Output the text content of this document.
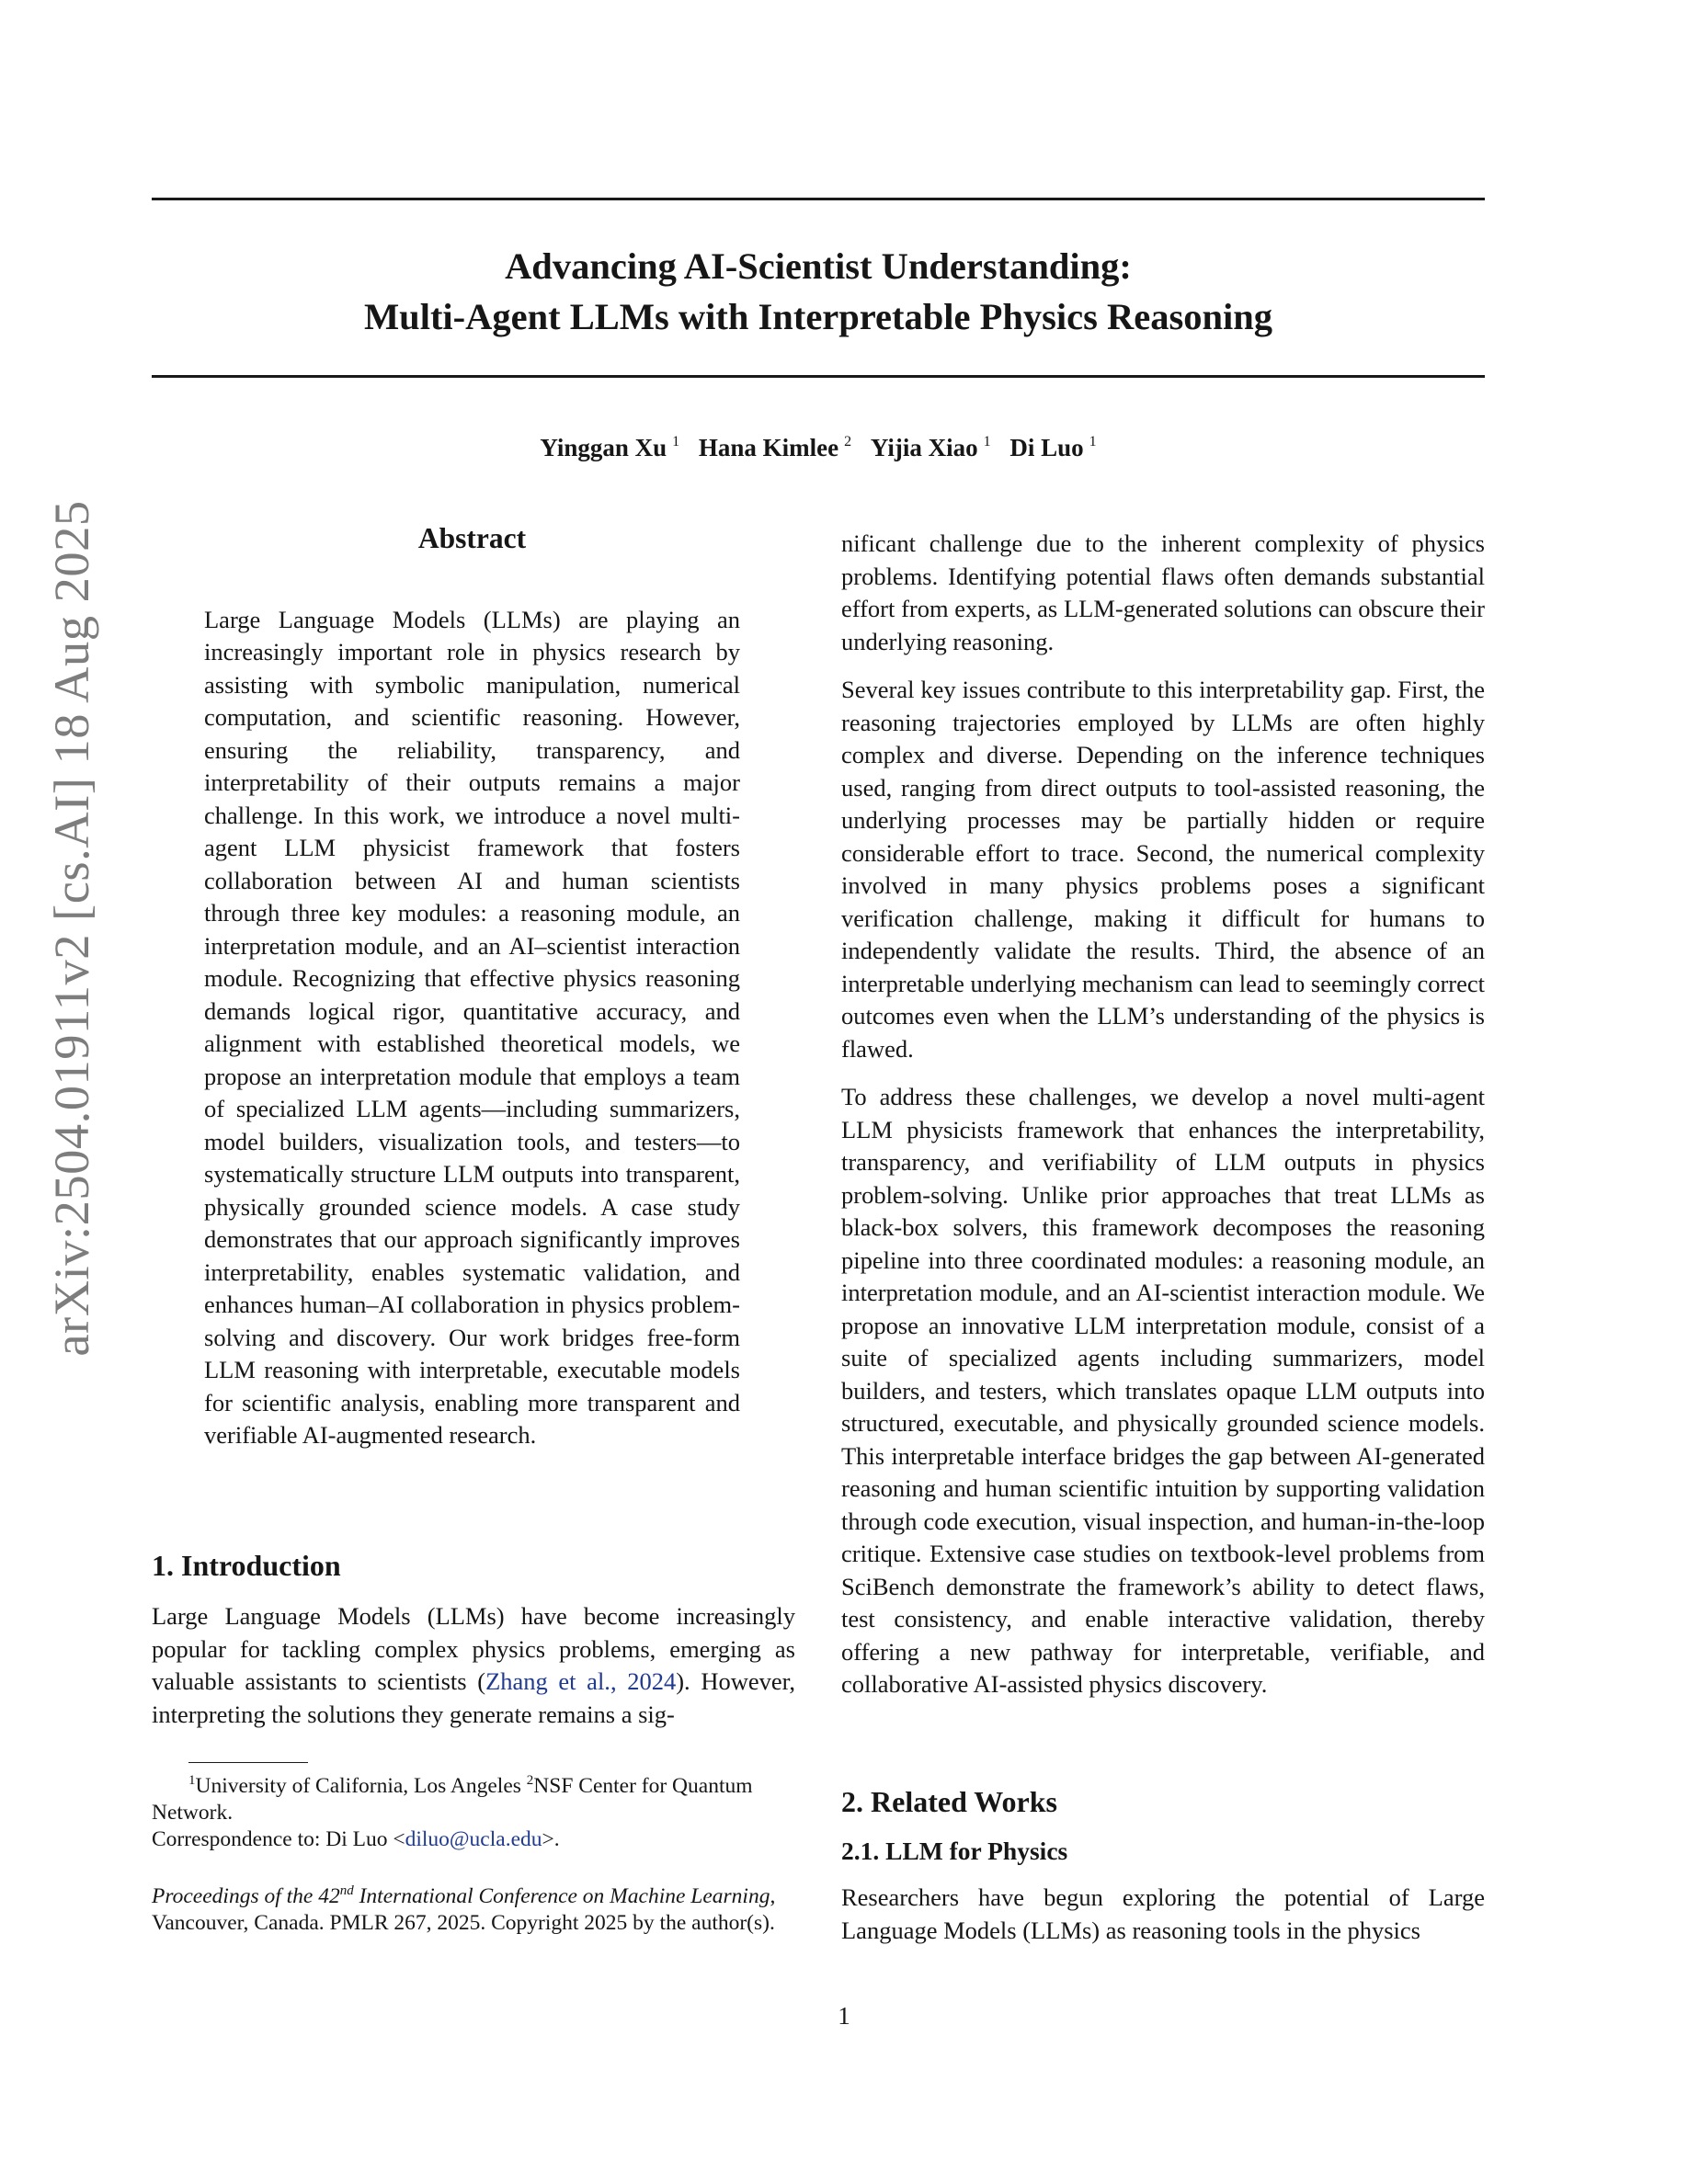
arXiv:2504.01911v2 [cs.AI] 18 Aug 2025
Advancing AI-Scientist Understanding:
Multi-Agent LLMs with Interpretable Physics Reasoning
Yinggan Xu $^1$ Hana Kimlee $^2$ Yijia Xiao $^1$ Di Luo $^1$
Abstract

Large Language Models (LLMs) are playing an increasingly important role in physics research by assisting with symbolic manipulation, numerical computation, and scientific reasoning. However, ensuring the reliability, transparency, and interpretability of their outputs remains a major challenge. In this work, we introduce a novel multi-agent LLM physicist framework that fosters collaboration between AI and human scientists through three key modules: a reasoning module, an interpretation module, and an AI–scientist interaction module. Recognizing that effective physics reasoning demands logical rigor, quantitative accuracy, and alignment with established theoretical models, we propose an interpretation module that employs a team of specialized LLM agents—including summarizers, model builders, visualization tools, and testers—to systematically structure LLM outputs into transparent, physically grounded science models. A case study demonstrates that our approach significantly improves interpretability, enables systematic validation, and enhances human–AI collaboration in physics problem-solving and discovery. Our work bridges free-form LLM reasoning with interpretable, executable models for scientific analysis, enabling more transparent and verifiable AI-augmented research.

1. Introduction

Large Language Models (LLMs) have become increasingly popular for tackling complex physics problems, emerging as valuable assistants to scientists (Zhang et al., 2024). However, interpreting the solutions they generate remains a sig-

$^1$University of California, Los Angeles $^2$NSF Center for Quantum Network.
Correspondence to: Di Luo <diluo@ucla.edu>.
Proceedings of the 42nd International Conference on Machine Learning, Vancouver, Canada. PMLR 267, 2025. Copyright 2025 by the author(s).

nificant challenge due to the inherent complexity of physics problems. Identifying potential flaws often demands substantial effort from experts, as LLM-generated solutions can obscure their underlying reasoning.

Several key issues contribute to this interpretability gap. First, the reasoning trajectories employed by LLMs are often highly complex and diverse. Depending on the inference techniques used, ranging from direct outputs to tool-assisted reasoning, the underlying processes may be partially hidden or require considerable effort to trace. Second, the numerical complexity involved in many physics problems poses a significant verification challenge, making it difficult for humans to independently validate the results. Third, the absence of an interpretable underlying mechanism can lead to seemingly correct outcomes even when the LLM’s understanding of the physics is flawed.

To address these challenges, we develop a novel multi-agent LLM physicists framework that enhances the interpretability, transparency, and verifiability of LLM outputs in physics problem-solving. Unlike prior approaches that treat LLMs as black-box solvers, this framework decomposes the reasoning pipeline into three coordinated modules: a reasoning module, an interpretation module, and an AI-scientist interaction module. We propose an innovative LLM interpretation module, consist of a suite of specialized agents including summarizers, model builders, and testers, which translates opaque LLM outputs into structured, executable, and physically grounded science models. This interpretable interface bridges the gap between AI-generated reasoning and human scientific intuition by supporting validation through code execution, visual inspection, and human-in-the-loop critique. Extensive case studies on textbook-level problems from SciBench demonstrate the framework’s ability to detect flaws, test consistency, and enable interactive validation, thereby offering a new pathway for interpretable, verifiable, and collaborative AI-assisted physics discovery.

2. Related Works
2.1. LLM for Physics

Researchers have begun exploring the potential of Large Language Models (LLMs) as reasoning tools in the physics

1
